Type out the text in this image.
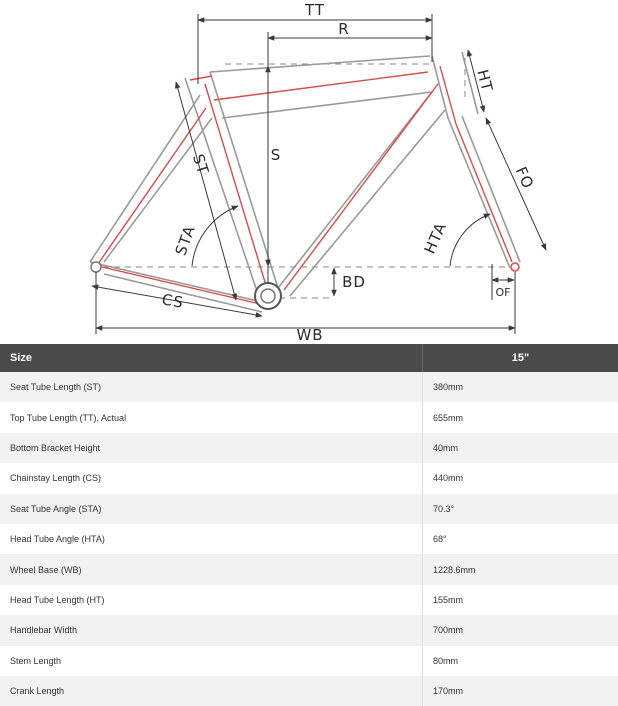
TT
R
S
ST
STA
CS
BD
WB
HT
FO
HTA
OF
Size	15"
Seat Tube Length (ST)	380mm
Top Tube Length (TT), Actual	655mm
Bottom Bracket Height	40mm
Chainstay Length (CS)	440mm
Seat Tube Angle (STA)	70.3°
Head Tube Angle (HTA)	68°
Wheel Base (WB)	1228.6mm
Head Tube Length (HT)	155mm
Handlebar Width	700mm
Stem Length	80mm
Crank Length	170mm
